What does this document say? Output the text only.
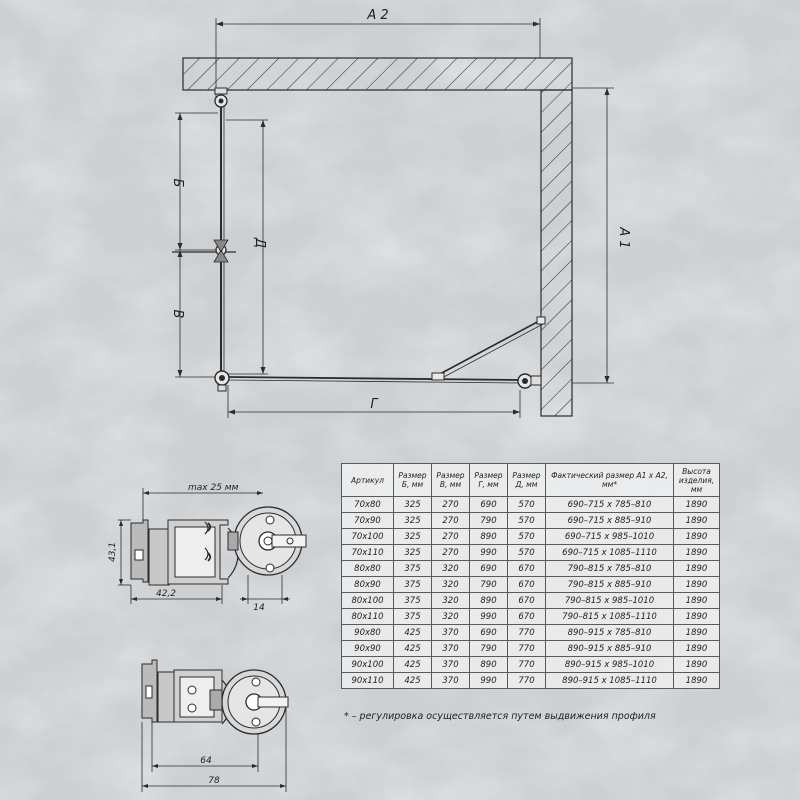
A 2
A 1
Б
В
Д
Г
max 25 мм
43,1
42,2
14
64
78
Артикул	Размер Б, мм	Размер В, мм	Размер Г, мм	Размер Д, мм	Фактический размер А1 x А2, мм*	Высота изделия, мм
70x80	325	270	690	570	690–715 x 785–810	1890
70x90	325	270	790	570	690–715 x 885–910	1890
70x100	325	270	890	570	690–715 x 985–1010	1890
70x110	325	270	990	570	690–715 x 1085–1110	1890
80x80	375	320	690	670	790–815 x 785–810	1890
80x90	375	320	790	670	790–815 x 885–910	1890
80x100	375	320	890	670	790–815 x 985–1010	1890
80x110	375	320	990	670	790–815 x 1085–1110	1890
90x80	425	370	690	770	890–915 x 785–810	1890
90x90	425	370	790	770	890–915 x 885–910	1890
90x100	425	370	890	770	890–915 x 985–1010	1890
90x110	425	370	990	770	890–915 x 1085–1110	1890
* – регулировка осуществляется путем выдвижения профиля
